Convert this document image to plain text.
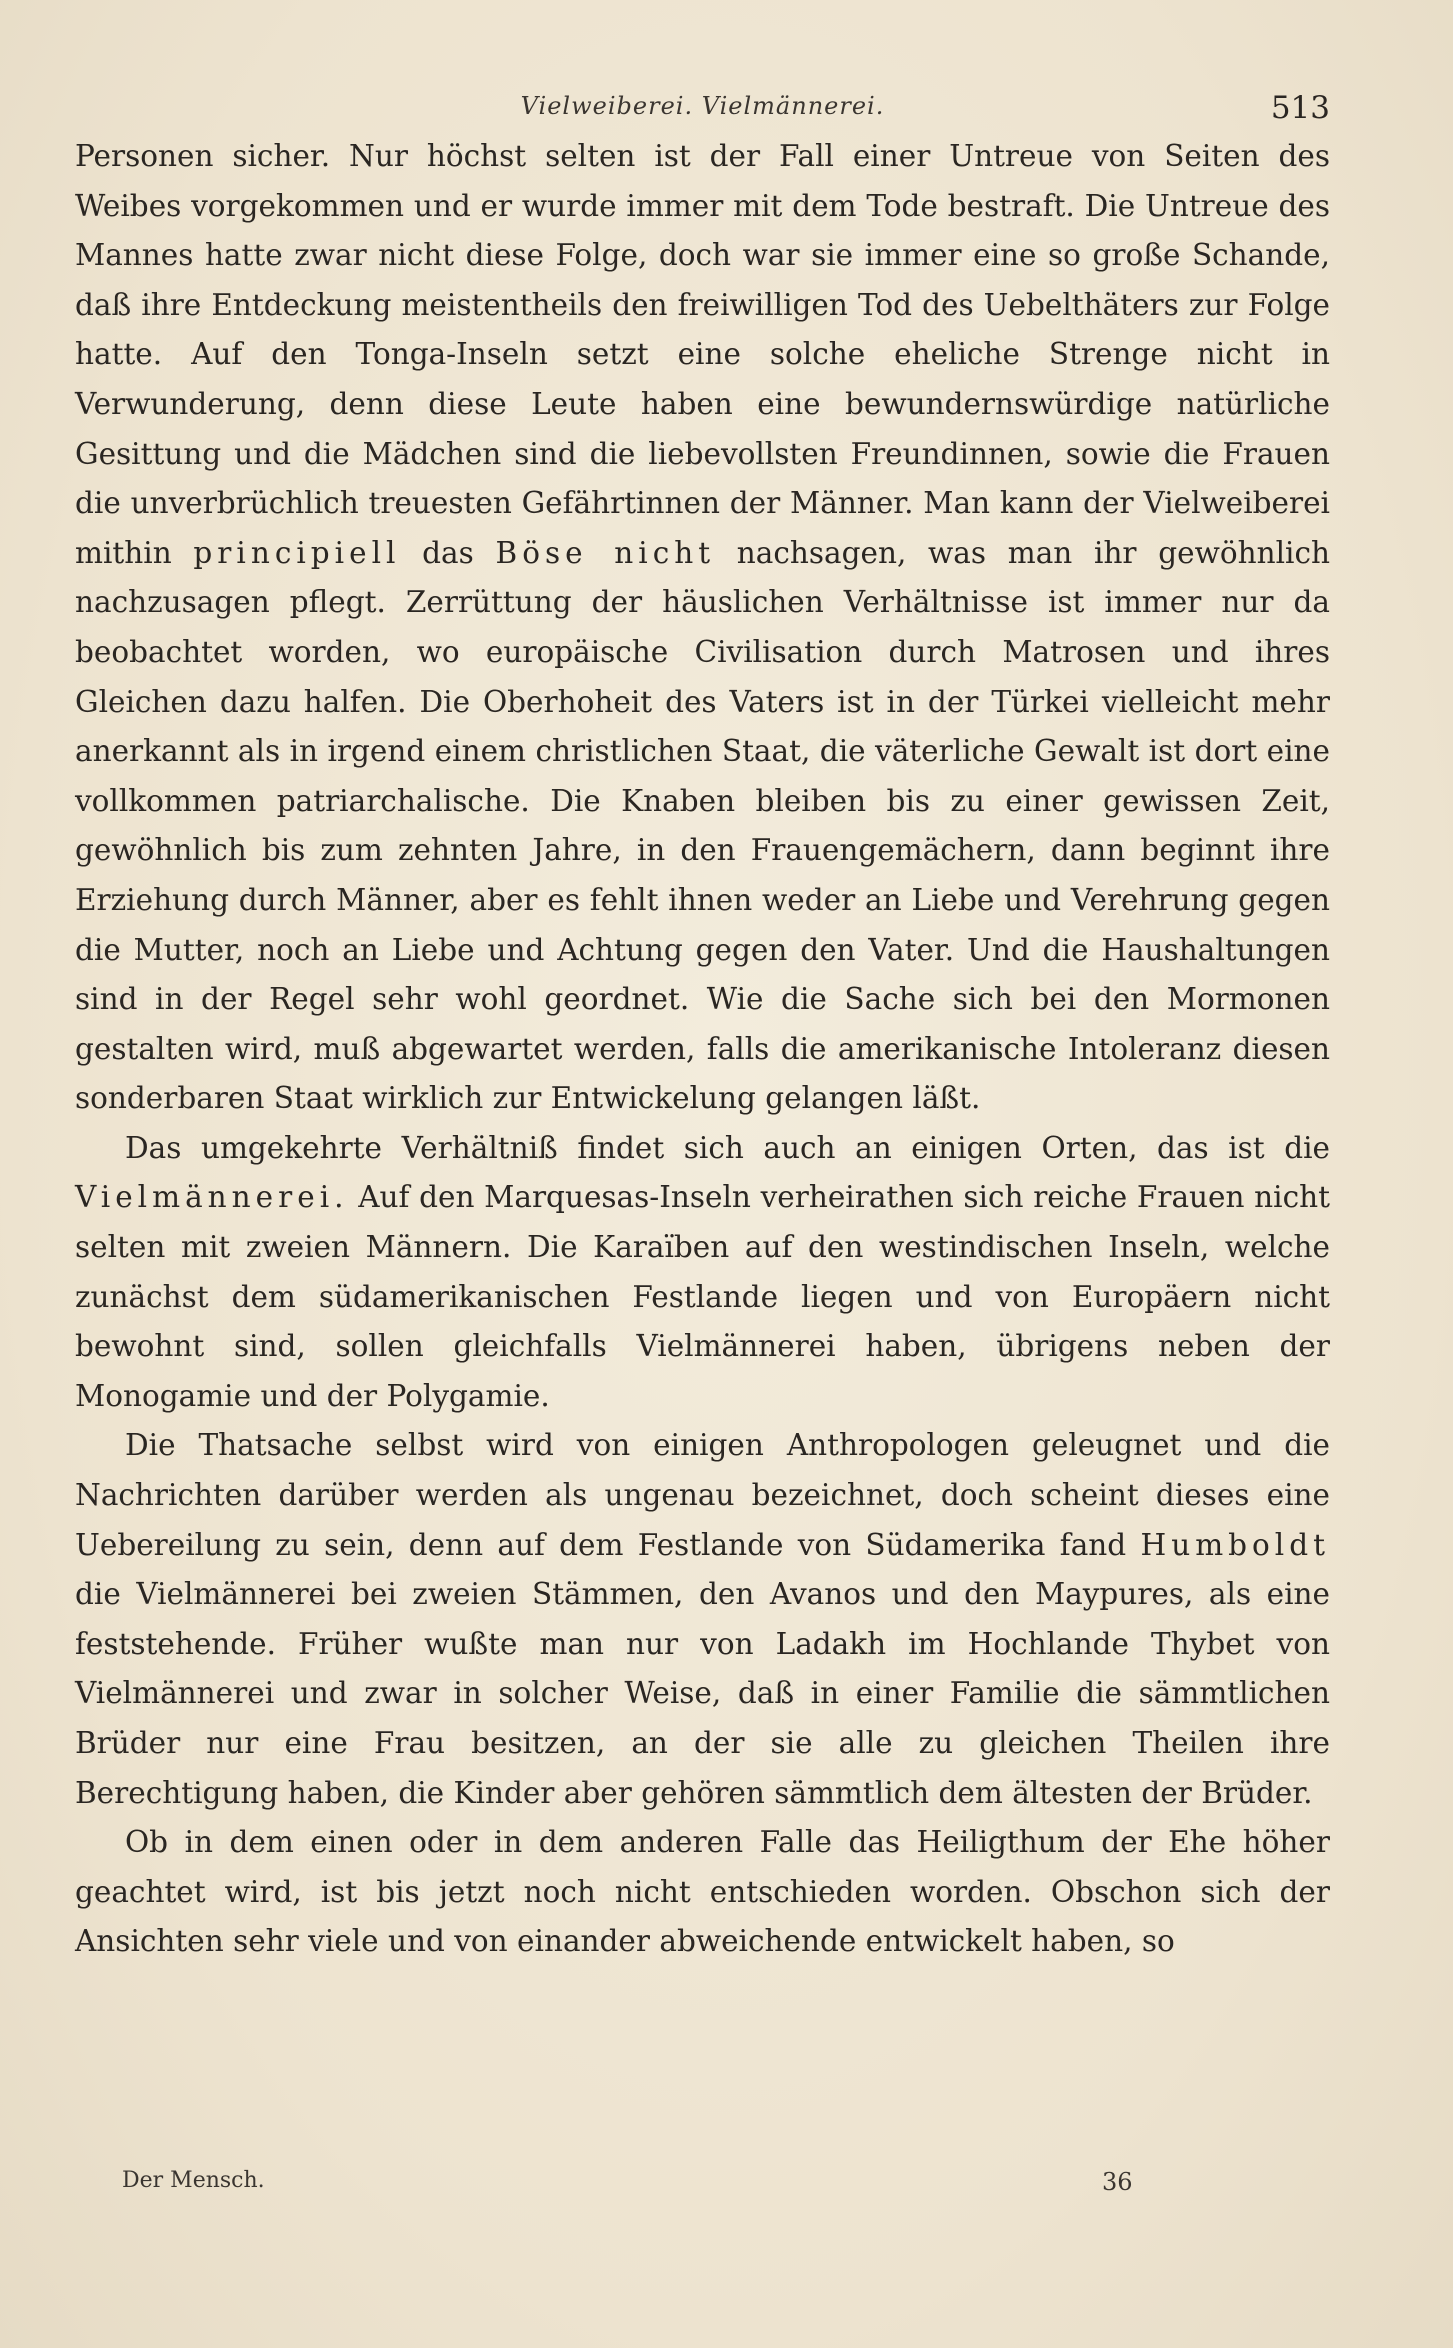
Vielweiberei. Vielmännerei.	513

Personen sicher. Nur höchst selten ist der Fall einer Untreue von Seiten des Weibes vorgekommen und er wurde immer mit dem Tode bestraft. Die Untreue des Mannes hatte zwar nicht diese Folge, doch war sie immer eine so große Schande, daß ihre Entdeckung meistentheils den freiwilligen Tod des Uebelthäters zur Folge hatte. Auf den Tonga-Inseln setzt eine solche eheliche Strenge nicht in Verwunderung, denn diese Leute haben eine bewundernswürdige natürliche Gesittung und die Mädchen sind die liebevollsten Freundinnen, sowie die Frauen die unverbrüchlich treuesten Gefährtinnen der Männer. Man kann der Vielweiberei mithin principiell das Böse nicht nachsagen, was man ihr gewöhnlich nachzusagen pflegt. Zerrüttung der häuslichen Verhältnisse ist immer nur da beobachtet worden, wo europäische Civilisation durch Matrosen und ihres Gleichen dazu halfen. Die Oberhoheit des Vaters ist in der Türkei vielleicht mehr anerkannt als in irgend einem christlichen Staat, die väterliche Gewalt ist dort eine vollkommen patriarchalische. Die Knaben bleiben bis zu einer gewissen Zeit, gewöhnlich bis zum zehnten Jahre, in den Frauengemächern, dann beginnt ihre Erziehung durch Männer, aber es fehlt ihnen weder an Liebe und Verehrung gegen die Mutter, noch an Liebe und Achtung gegen den Vater. Und die Haushaltungen sind in der Regel sehr wohl geordnet. Wie die Sache sich bei den Mormonen gestalten wird, muß abgewartet werden, falls die amerikanische Intoleranz diesen sonderbaren Staat wirklich zur Entwickelung gelangen läßt.

Das umgekehrte Verhältniß findet sich auch an einigen Orten, das ist die Vielmännerei. Auf den Marquesas-Inseln verheirathen sich reiche Frauen nicht selten mit zweien Männern. Die Karaïben auf den westindischen Inseln, welche zunächst dem südamerikanischen Festlande liegen und von Europäern nicht bewohnt sind, sollen gleichfalls Vielmännerei haben, übrigens neben der Monogamie und der Polygamie.

Die Thatsache selbst wird von einigen Anthropologen geleugnet und die Nachrichten darüber werden als ungenau bezeichnet, doch scheint dieses eine Uebereilung zu sein, denn auf dem Festlande von Südamerika fand Humboldt die Vielmännerei bei zweien Stämmen, den Avanos und den Maypures, als eine feststehende. Früher wußte man nur von Ladakh im Hochlande Thybet von Vielmännerei und zwar in solcher Weise, daß in einer Familie die sämmtlichen Brüder nur eine Frau besitzen, an der sie alle zu gleichen Theilen ihre Berechtigung haben, die Kinder aber gehören sämmtlich dem ältesten der Brüder.

Ob in dem einen oder in dem anderen Falle das Heiligthum der Ehe höher geachtet wird, ist bis jetzt noch nicht entschieden worden. Obschon sich der Ansichten sehr viele und von einander abweichende entwickelt haben, so

Der Mensch.	36
